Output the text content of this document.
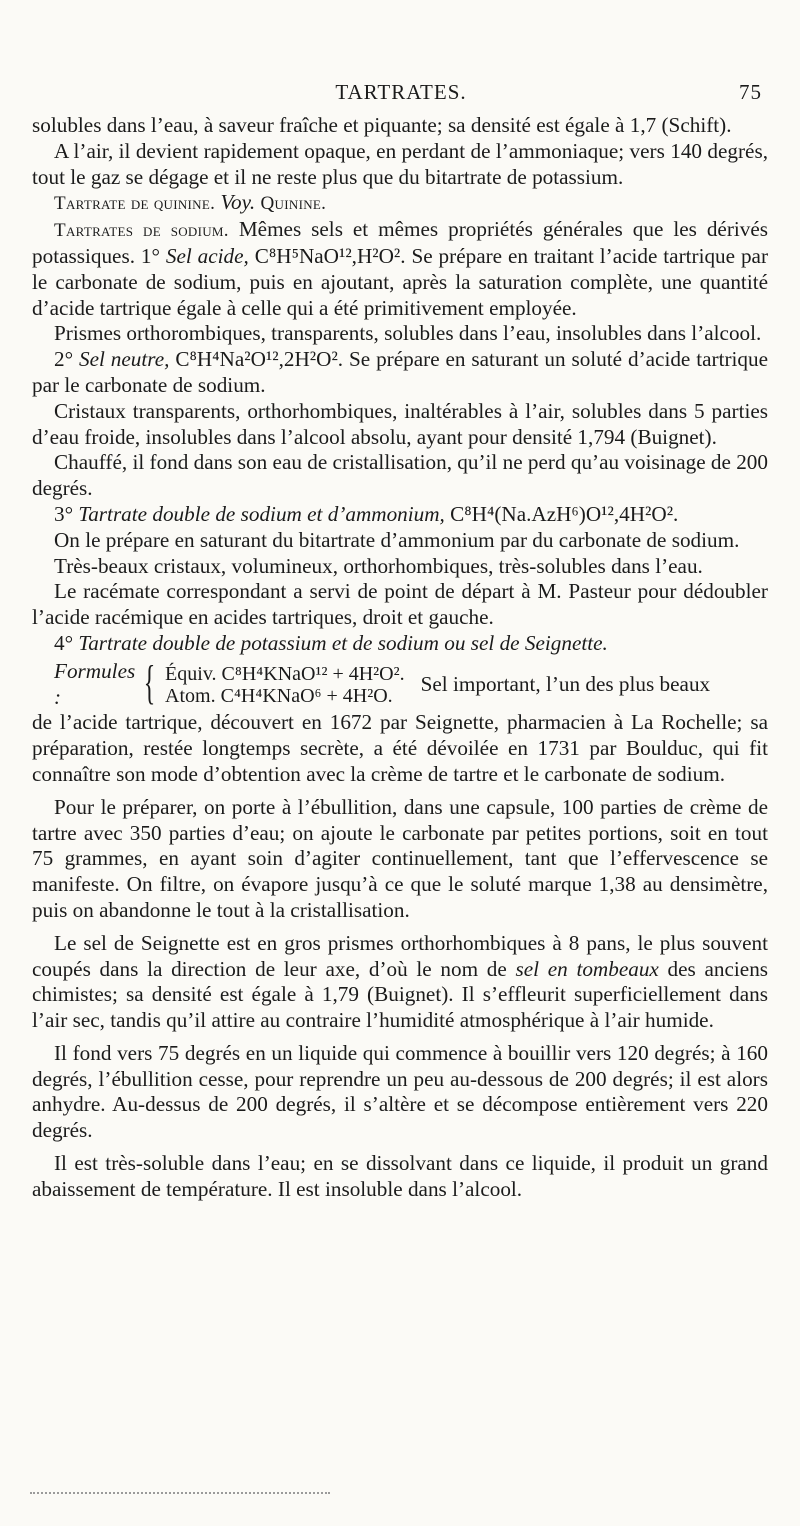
TARTRATES.	75

solubles dans l’eau, à saveur fraîche et piquante; sa densité est égale à 1,7 (Schift).

A l’air, il devient rapidement opaque, en perdant de l’ammoniaque; vers 140 degrés, tout le gaz se dégage et il ne reste plus que du bitartrate de potassium.

Tartrate de quinine. Voy. Quinine.

Tartrates de sodium. Mêmes sels et mêmes propriétés générales que les dérivés potassiques. 1° Sel acide, C⁸H⁵NaO¹²,H²O². Se prépare en traitant l’acide tartrique par le carbonate de sodium, puis en ajoutant, après la saturation complète, une quantité d’acide tartrique égale à celle qui a été primitivement employée.

Prismes orthorombiques, transparents, solubles dans l’eau, insolubles dans l’alcool.

2° Sel neutre, C⁸H⁴Na²O¹²,2H²O². Se prépare en saturant un soluté d’acide tartrique par le carbonate de sodium.

Cristaux transparents, orthorhombiques, inaltérables à l’air, solubles dans 5 parties d’eau froide, insolubles dans l’alcool absolu, ayant pour densité 1,794 (Buignet).

Chauffé, il fond dans son eau de cristallisation, qu’il ne perd qu’au voisinage de 200 degrés.

3° Tartrate double de sodium et d’ammonium, C⁸H⁴(Na.AzH⁶)O¹²,4H²O².

On le prépare en saturant du bitartrate d’ammonium par du carbonate de sodium.

Très-beaux cristaux, volumineux, orthorhombiques, très-solubles dans l’eau.

Le racémate correspondant a servi de point de départ à M. Pasteur pour dédoubler l’acide racémique en acides tartriques, droit et gauche.

4° Tartrate double de potassium et de sodium ou sel de Seignette.

Formules :	{ Équiv. C⁸H⁴KNaO¹² + 4H²O².
Atom. C⁴H⁴KNaO⁶ + 4H²O.	Sel important, l’un des plus beaux

de l’acide tartrique, découvert en 1672 par Seignette, pharmacien à La Rochelle; sa préparation, restée longtemps secrète, a été dévoilée en 1731 par Boulduc, qui fit connaître son mode d’obtention avec la crème de tartre et le carbonate de sodium.

Pour le préparer, on porte à l’ébullition, dans une capsule, 100 parties de crème de tartre avec 350 parties d’eau; on ajoute le carbonate par petites portions, soit en tout 75 grammes, en ayant soin d’agiter continuellement, tant que l’effervescence se manifeste. On filtre, on évapore jusqu’à ce que le soluté marque 1,38 au densimètre, puis on abandonne le tout à la cristallisation.

Le sel de Seignette est en gros prismes orthorhombiques à 8 pans, le plus souvent coupés dans la direction de leur axe, d’où le nom de sel en tombeaux des anciens chimistes; sa densité est égale à 1,79 (Buignet). Il s’effleurit superficiellement dans l’air sec, tandis qu’il attire au contraire l’humidité atmosphérique à l’air humide.

Il fond vers 75 degrés en un liquide qui commence à bouillir vers 120 degrés; à 160 degrés, l’ébullition cesse, pour reprendre un peu au-dessous de 200 degrés; il est alors anhydre. Au-dessus de 200 degrés, il s’altère et se décompose entièrement vers 220 degrés.

Il est très-soluble dans l’eau; en se dissolvant dans ce liquide, il produit un grand abaissement de température. Il est insoluble dans l’alcool.
